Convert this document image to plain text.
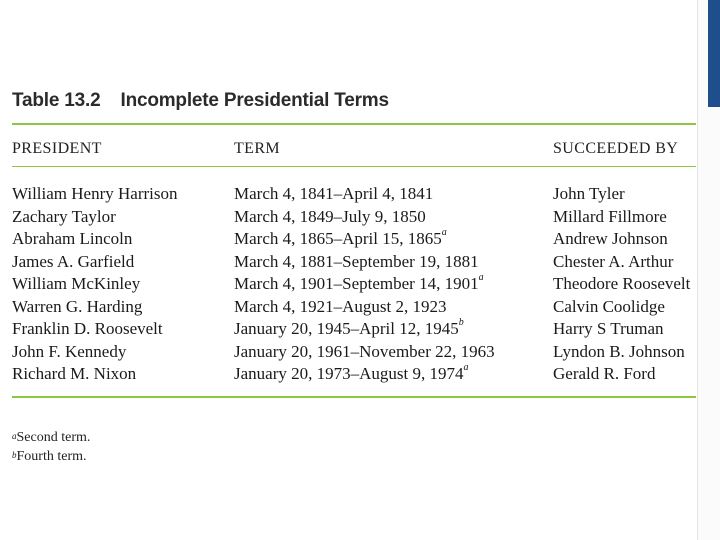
Table 13.2 Incomplete Presidential Terms
PRESIDENT	TERM	SUCCEEDED BY
William Henry Harrison	March 4, 1841–April 4, 1841	John Tyler
Zachary Taylor	March 4, 1849–July 9, 1850	Millard Fillmore
Abraham Lincoln	March 4, 1865–April 15, 1865$^a$	Andrew Johnson
James A. Garfield	March 4, 1881–September 19, 1881	Chester A. Arthur
William McKinley	March 4, 1901–September 14, 1901$^a$	Theodore Roosevelt
Warren G. Harding	March 4, 1921–August 2, 1923	Calvin Coolidge
Franklin D. Roosevelt	January 20, 1945–April 12, 1945$^b$	Harry S Truman
John F. Kennedy	January 20, 1961–November 22, 1963	Lyndon B. Johnson
Richard M. Nixon	January 20, 1973–August 9, 1974$^a$	Gerald R. Ford
$^a$Second term.
$^b$Fourth term.
